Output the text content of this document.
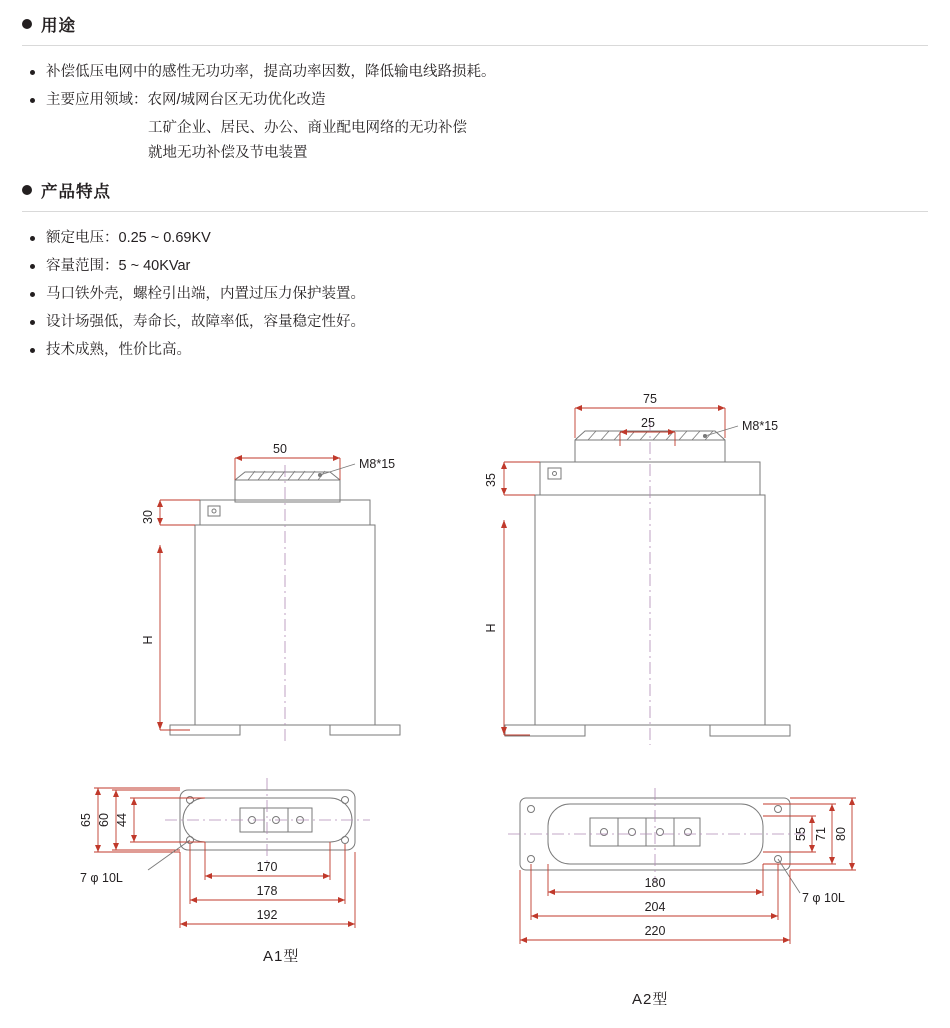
用途
补偿低压电网中的感性无功功率，提高功率因数，降低输电线路损耗。
主要应用领域：农网/城网台区无功优化改造
工矿企业、居民、办公、商业配电网络的无功补偿
就地无功补偿及节电装置
产品特点
额定电压：0.25 ~ 0.69KV
容量范围：5 ~ 40KVar
马口铁外壳，螺栓引出端，内置过压力保护装置。
设计场强低，寿命长，故障率低，容量稳定性好。
技术成熟，性价比高。
50
M8*15
30
H
65 60 44
7 φ 10L
170
178
192
A1型
75
25	M8*15
35
H
55 71 80
7 φ 10L
180
204
220
A2型
